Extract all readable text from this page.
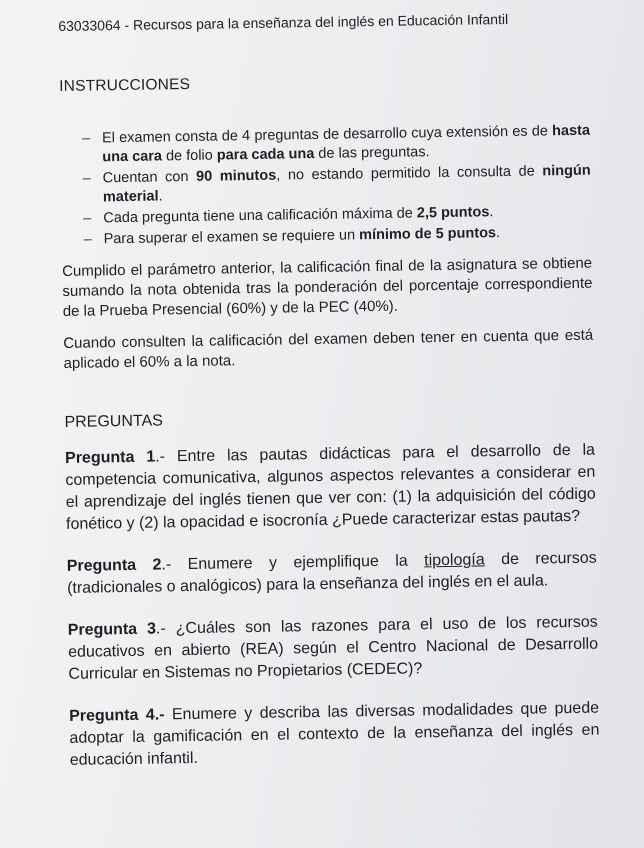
63033064 - Recursos para la enseñanza del inglés en Educación Infantil
INSTRUCCIONES
– El examen consta de 4 preguntas de desarrollo cuya extensión es de hasta una cara de folio para cada una de las preguntas.
– Cuentan con 90 minutos, no estando permitido la consulta de ningún material.
– Cada pregunta tiene una calificación máxima de 2,5 puntos.
– Para superar el examen se requiere un mínimo de 5 puntos.

Cumplido el parámetro anterior, la calificación final de la asignatura se obtiene sumando la nota obtenida tras la ponderación del porcentaje correspondiente de la Prueba Presencial (60%) y de la PEC (40%).

Cuando consulten la calificación del examen deben tener en cuenta que está aplicado el 60% a la nota.

PREGUNTAS
Pregunta 1.- Entre las pautas didácticas para el desarrollo de la competencia comunicativa, algunos aspectos relevantes a considerar en el aprendizaje del inglés tienen que ver con: (1) la adquisición del código fonético y (2) la opacidad e isocronía ¿Puede caracterizar estas pautas?
Pregunta 2.- Enumere y ejemplifique la tipología de recursos (tradicionales o analógicos) para la enseñanza del inglés en el aula.
Pregunta 3.- ¿Cuáles son las razones para el uso de los recursos educativos en abierto (REA) según el Centro Nacional de Desarrollo Curricular en Sistemas no Propietarios (CEDEC)?
Pregunta 4.- Enumere y describa las diversas modalidades que puede adoptar la gamificación en el contexto de la enseñanza del inglés en educación infantil.
